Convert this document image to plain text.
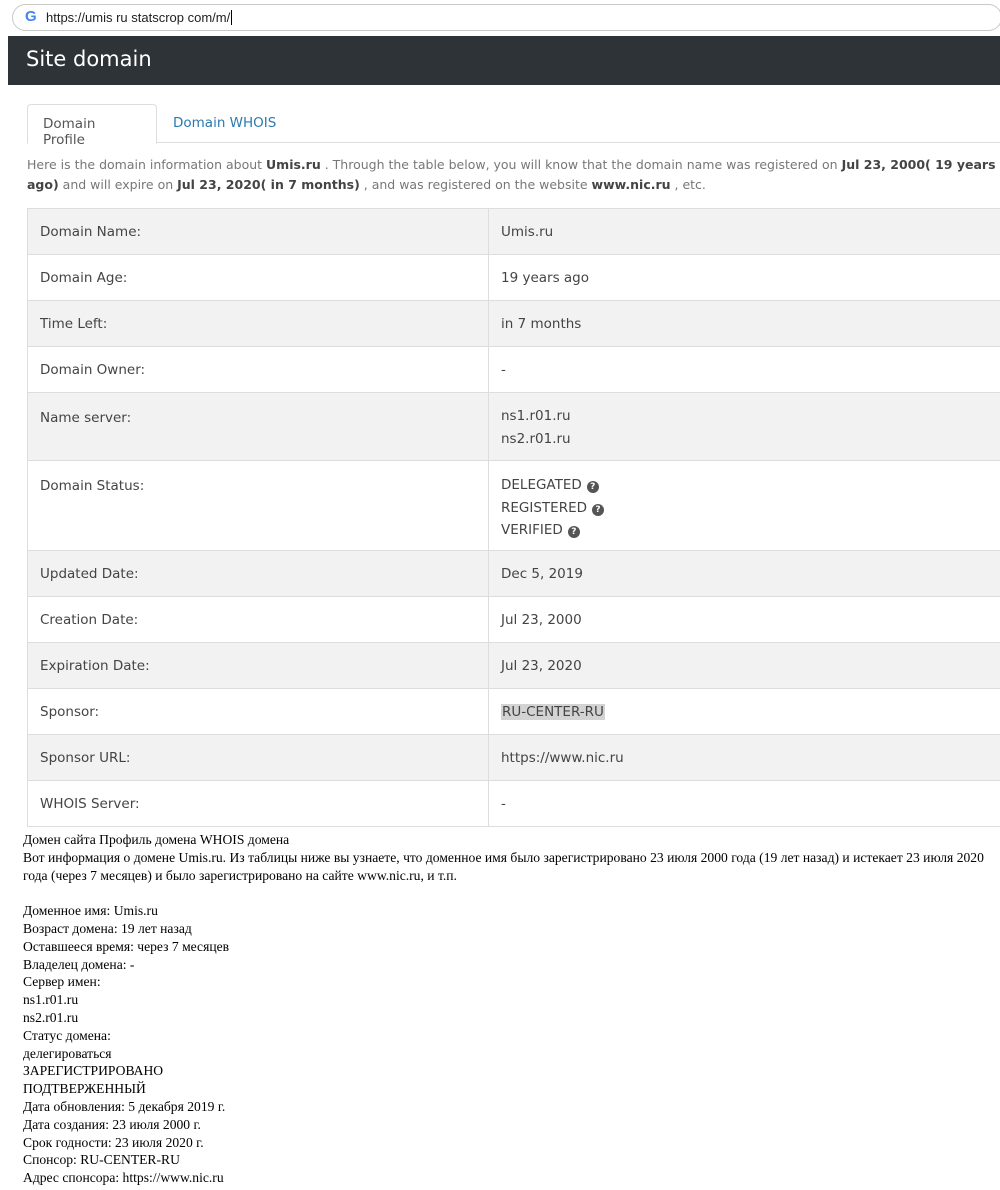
G https://umis ru statscrop com/m/
Site domain
Domain Profile
Domain WHOIS

Here is the domain information about Umis.ru . Through the table below, you will know that the domain name was registered on Jul 23, 2000( 19 years ago) and will expire on Jul 23, 2020( in 7 months) , and was registered on the website www.nic.ru , etc.

Domain Name:	Umis.ru
Domain Age:	19 years ago
Time Left:	in 7 months
Domain Owner:	-
Name server:	ns1.r01.ru
ns2.r01.ru
Domain Status:	DELEGATED ?
REGISTERED ?
VERIFIED ?
Updated Date:	Dec 5, 2019
Creation Date:	Jul 23, 2000
Expiration Date:	Jul 23, 2020
Sponsor:	RU-CENTER-RU
Sponsor URL:	https://www.nic.ru
WHOIS Server:	-
Домен сайта Профиль домена WHOIS домена
Вот информация о домене Umis.ru. Из таблицы ниже вы узнаете, что доменное имя было зарегистрировано 23 июля 2000 года (19 лет назад) и истекает 23 июля 2020 года (через 7 месяцев) и было зарегистрировано на сайте www.nic.ru, и т.п.
Доменное имя: Umis.ru
Возраст домена: 19 лет назад
Оставшееся время: через 7 месяцев
Владелец домена: -
Сервер имен:
ns1.r01.ru
ns2.r01.ru
Статус домена:
делегироваться
ЗАРЕГИСТРИРОВАНО
ПОДТВЕРЖЕННЫЙ
Дата обновления: 5 декабря 2019 г.
Дата создания: 23 июля 2000 г.
Срок годности: 23 июля 2020 г.
Спонсор: RU-CENTER-RU
Адрес спонсора: https://www.nic.ru
